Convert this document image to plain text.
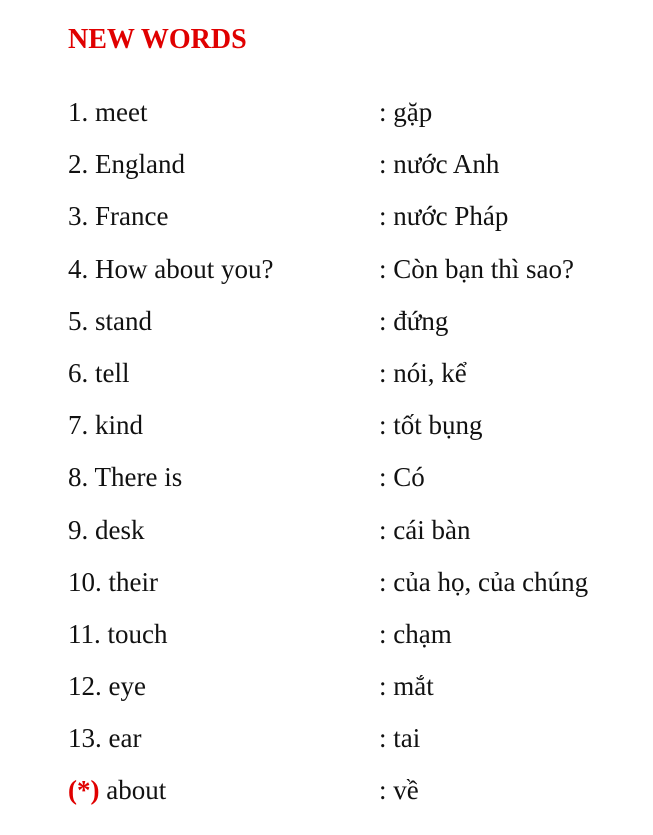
NEW WORDS
1. meet	: gặp
2. England	: nước Anh
3. France	: nước Pháp
4. How about you?	: Còn bạn thì sao?
5. stand	: đứng
6. tell	: nói, kể
7. kind	: tốt bụng
8. There is	: Có
9. desk	: cái bàn
10. their	: của họ, của chúng
11. touch	: chạm
12. eye	: mắt
13. ear	: tai
(*) about	: về
